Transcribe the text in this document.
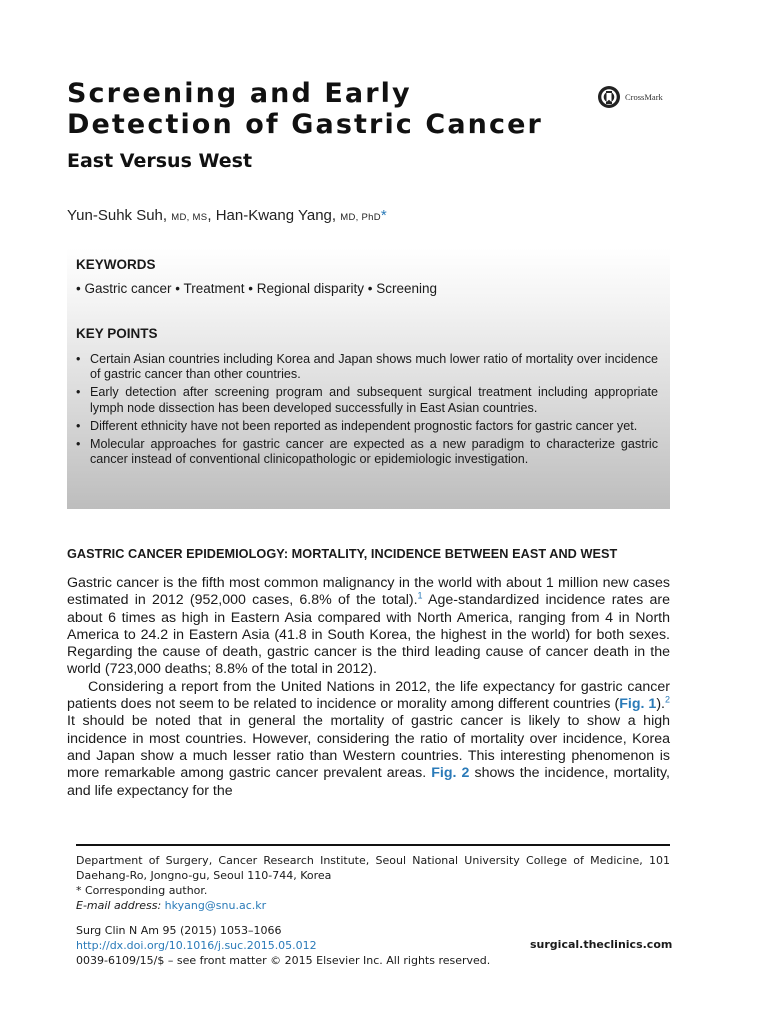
Screening and Early
Detection of Gastric Cancer
CrossMark
East Versus West
Yun-Suhk Suh, MD, MS, Han-Kwang Yang, MD, PhD*
KEYWORDS
• Gastric cancer • Treatment • Regional disparity • Screening
KEY POINTS
• Certain Asian countries including Korea and Japan shows much lower ratio of mortality over incidence of gastric cancer than other countries.
• Early detection after screening program and subsequent surgical treatment including appropriate lymph node dissection has been developed successfully in East Asian countries.
• Different ethnicity have not been reported as independent prognostic factors for gastric cancer yet.
• Molecular approaches for gastric cancer are expected as a new paradigm to characterize gastric cancer instead of conventional clinicopathologic or epidemiologic investigation.
GASTRIC CANCER EPIDEMIOLOGY: MORTALITY, INCIDENCE BETWEEN EAST AND WEST

Gastric cancer is the fifth most common malignancy in the world with about 1 million new cases estimated in 2012 (952,000 cases, 6.8% of the total).$^1$ Age-standardized incidence rates are about 6 times as high in Eastern Asia compared with North America, ranging from 4 in North America to 24.2 in Eastern Asia (41.8 in South Korea, the highest in the world) for both sexes. Regarding the cause of death, gastric cancer is the third leading cause of cancer death in the world (723,000 deaths; 8.8% of the total in 2012).

Considering a report from the United Nations in 2012, the life expectancy for gastric cancer patients does not seem to be related to incidence or morality among different countries (Fig. 1).$^2$ It should be noted that in general the mortality of gastric cancer is likely to show a high incidence in most countries. However, considering the ratio of mortality over incidence, Korea and Japan show a much lesser ratio than Western countries. This interesting phenomenon is more remarkable among gastric cancer prevalent areas. Fig. 2 shows the incidence, mortality, and life expectancy for the

Department of Surgery, Cancer Research Institute, Seoul National University College of Medicine, 101 Daehang-Ro, Jongno-gu, Seoul 110-744, Korea
* Corresponding author.
E-mail address: hkyang@snu.ac.kr
Surg Clin N Am 95 (2015) 1053–1066
http://dx.doi.org/10.1016/j.suc.2015.05.012
0039-6109/15/$ – see front matter © 2015 Elsevier Inc. All rights reserved.
surgical.theclinics.com
